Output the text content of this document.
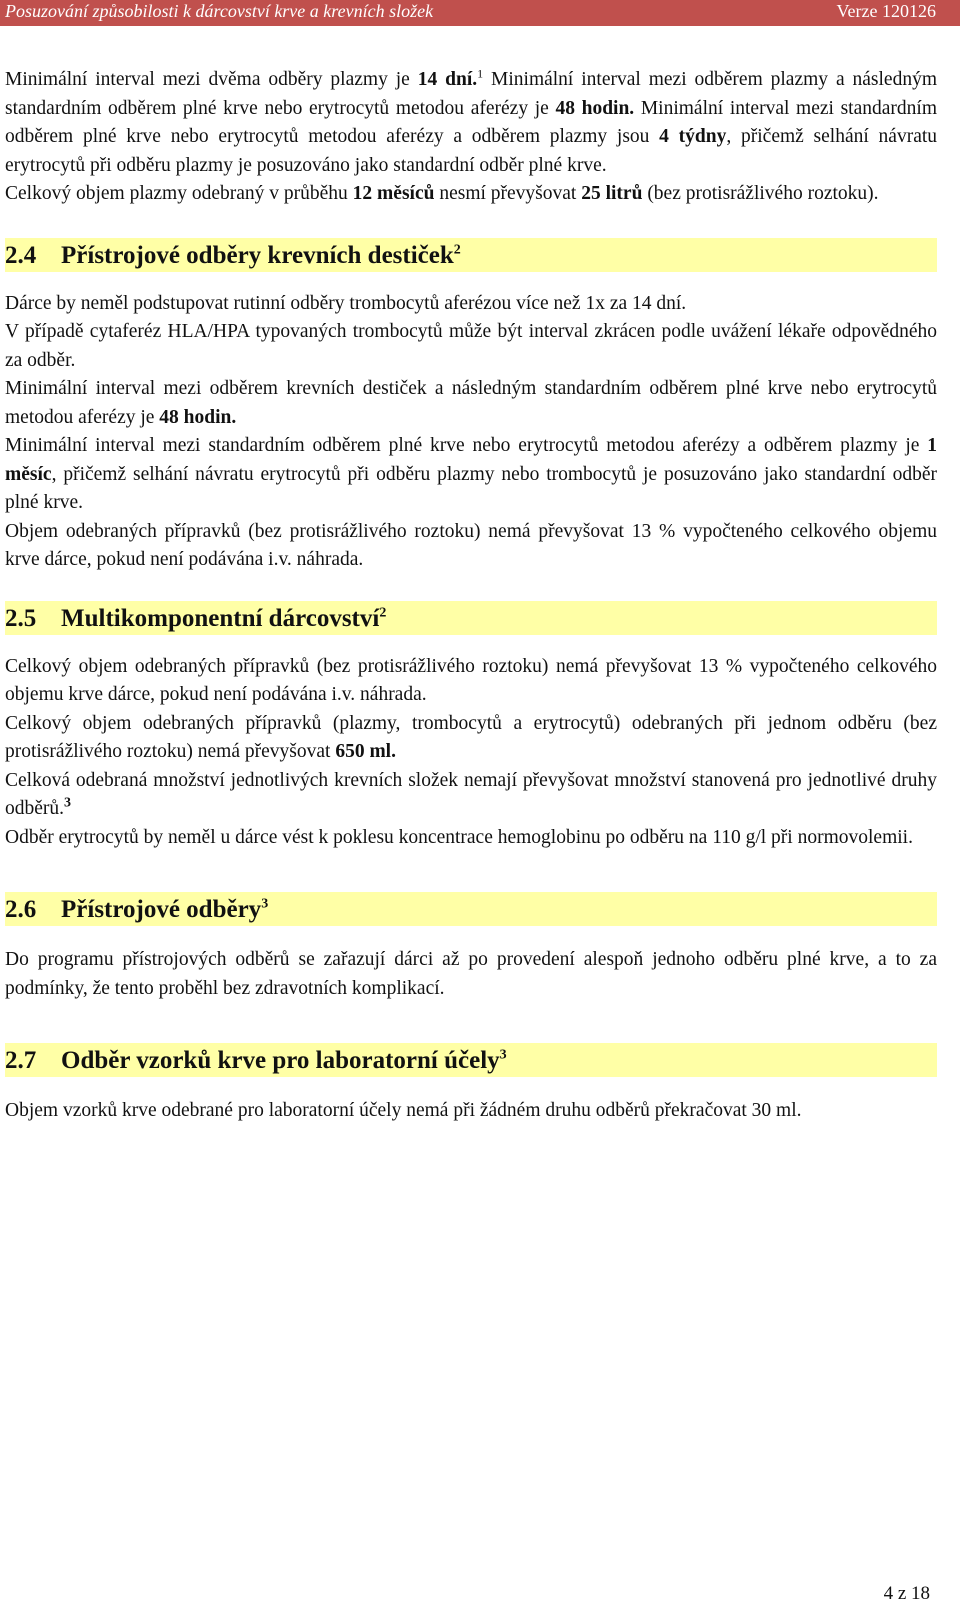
Posuzování způsobilosti k dárcovství krve a krevních složek	Verze 120126

Minimální interval mezi dvěma odběry plazmy je 14 dní.$^1$ Minimální interval mezi odběrem plazmy a následným standardním odběrem plné krve nebo erytrocytů metodou aferézy je 48 hodin. Minimální interval mezi standardním odběrem plné krve nebo erytrocytů metodou aferézy a odběrem plazmy jsou 4 týdny, přičemž selhání návratu erytrocytů při odběru plazmy je posuzováno jako standardní odběr plné krve.

Celkový objem plazmy odebraný v průběhu 12 měsíců nesmí převyšovat 25 litrů (bez protisrážlivého roztoku).

2.4 Přístrojové odběry krevních destiček$^2$

Dárce by neměl podstupovat rutinní odběry trombocytů aferézou více než 1x za 14 dní.

V případě cytaferéz HLA/HPA typovaných trombocytů může být interval zkrácen podle uvážení lékaře odpovědného za odběr.

Minimální interval mezi odběrem krevních destiček a následným standardním odběrem plné krve nebo erytrocytů metodou aferézy je 48 hodin.

Minimální interval mezi standardním odběrem plné krve nebo erytrocytů metodou aferézy a odběrem plazmy je 1 měsíc, přičemž selhání návratu erytrocytů při odběru plazmy nebo trombocytů je posuzováno jako standardní odběr plné krve.

Objem odebraných přípravků (bez protisrážlivého roztoku) nemá převyšovat 13 % vypočteného celkového objemu krve dárce, pokud není podávána i.v. náhrada.

2.5 Multikomponentní dárcovství$^2$

Celkový objem odebraných přípravků (bez protisrážlivého roztoku) nemá převyšovat 13 % vypočteného celkového objemu krve dárce, pokud není podávána i.v. náhrada.

Celkový objem odebraných přípravků (plazmy, trombocytů a erytrocytů) odebraných při jednom odběru (bez protisrážlivého roztoku) nemá převyšovat 650 ml.

Celková odebraná množství jednotlivých krevních složek nemají převyšovat množství stanovená pro jednotlivé druhy odběrů.$^3$

Odběr erytrocytů by neměl u dárce vést k poklesu koncentrace hemoglobinu po odběru na 110 g/l při normovolemii.

2.6 Přístrojové odběry$^3$

Do programu přístrojových odběrů se zařazují dárci až po provedení alespoň jednoho odběru plné krve, a to za podmínky, že tento proběhl bez zdravotních komplikací.

2.7 Odběr vzorků krve pro laboratorní účely$^3$

Objem vzorků krve odebrané pro laboratorní účely nemá při žádném druhu odběrů překračovat 30 ml.

4 z 18
